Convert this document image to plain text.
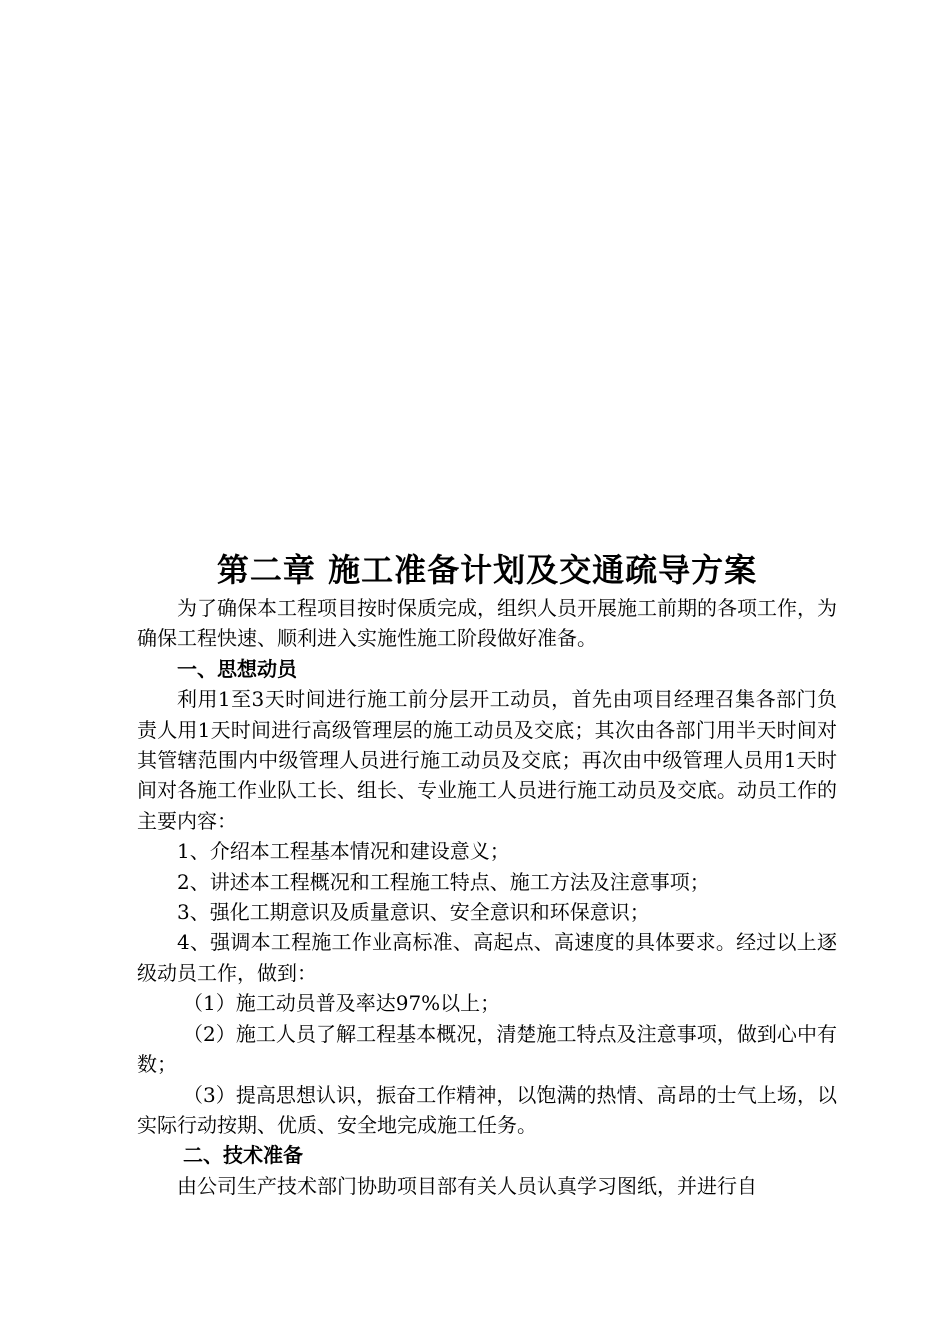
第二章 施工准备计划及交通疏导方案

为了确保本工程项目按时保质完成，组织人员开展施工前期的各项工作，为确保工程快速、顺利进入实施性施工阶段做好准备。

一、思想动员

利用1至3天时间进行施工前分层开工动员，首先由项目经理召集各部门负责人用1天时间进行高级管理层的施工动员及交底；其次由各部门用半天时间对其管辖范围内中级管理人员进行施工动员及交底；再次由中级管理人员用1天时间对各施工作业队工长、组长、专业施工人员进行施工动员及交底。动员工作的主要内容：

1、介绍本工程基本情况和建设意义；

2、讲述本工程概况和工程施工特点、施工方法及注意事项；

3、强化工期意识及质量意识、安全意识和环保意识；

4、强调本工程施工作业高标准、高起点、高速度的具体要求。经过以上逐级动员工作，做到：

（1）施工动员普及率达97%以上；

（2）施工人员了解工程基本概况，清楚施工特点及注意事项，做到心中有数；

（3）提高思想认识，振奋工作精神，以饱满的热情、高昂的士气上场，以实际行动按期、优质、安全地完成施工任务。

二、技术准备

由公司生产技术部门协助项目部有关人员认真学习图纸，并进行自
